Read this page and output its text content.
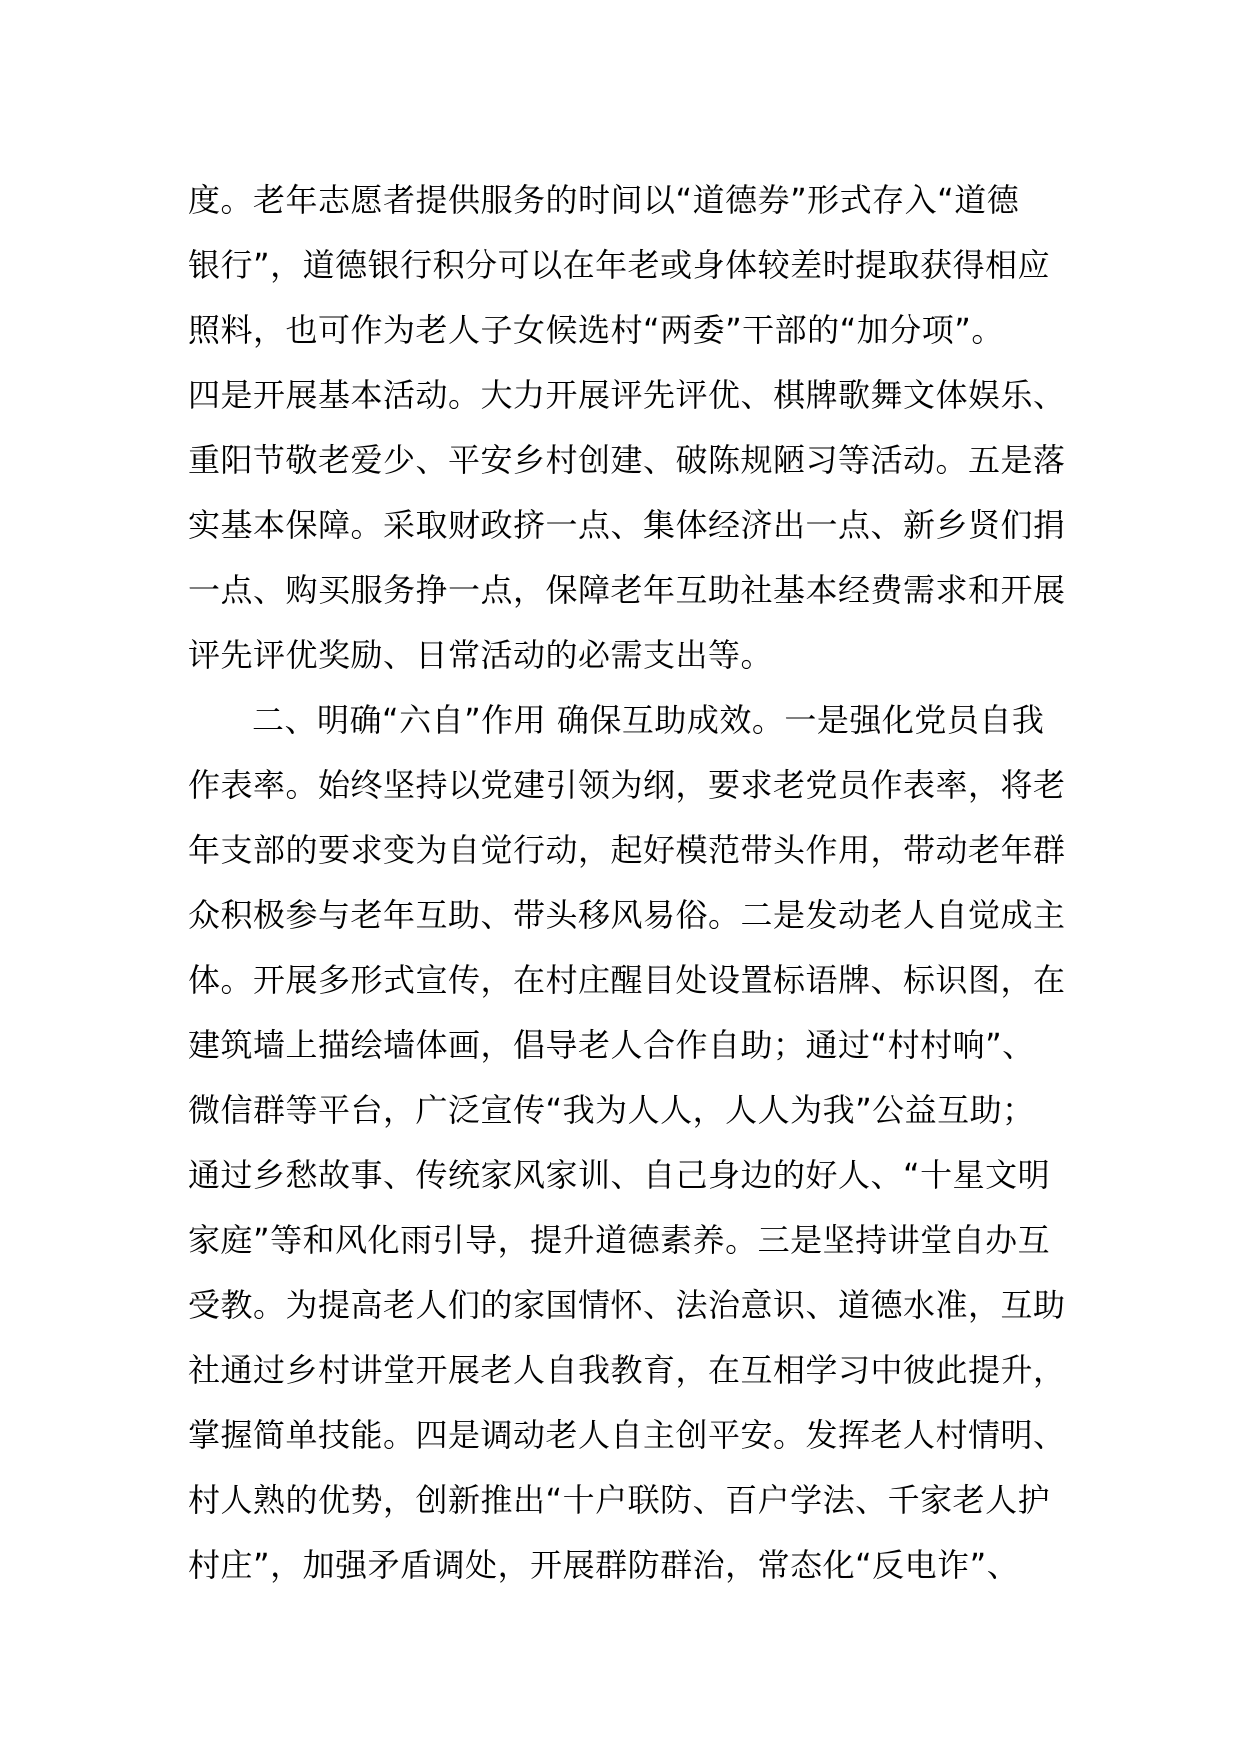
度。老年志愿者提供服务的时间以“道德券”形式存入“道德
银行”，道德银行积分可以在年老或身体较差时提取获得相应
照料，也可作为老人子女候选村“两委”干部的“加分项”。
四是开展基本活动。大力开展评先评优、棋牌歌舞文体娱乐、
重阳节敬老爱少、平安乡村创建、破陈规陋习等活动。五是落
实基本保障。采取财政挤一点、集体经济出一点、新乡贤们捐
一点、购买服务挣一点，保障老年互助社基本经费需求和开展
评先评优奖励、日常活动的必需支出等。
二、明确“六自”作用 确保互助成效。一是强化党员自我
作表率。始终坚持以党建引领为纲，要求老党员作表率，将老
年支部的要求变为自觉行动，起好模范带头作用，带动老年群
众积极参与老年互助、带头移风易俗。二是发动老人自觉成主
体。开展多形式宣传，在村庄醒目处设置标语牌、标识图，在
建筑墙上描绘墙体画，倡导老人合作自助；通过“村村响”、
微信群等平台，广泛宣传“我为人人，人人为我”公益互助；
通过乡愁故事、传统家风家训、自己身边的好人、“十星文明
家庭”等和风化雨引导，提升道德素养。三是坚持讲堂自办互
受教。为提高老人们的家国情怀、法治意识、道德水准，互助
社通过乡村讲堂开展老人自我教育，在互相学习中彼此提升，
掌握简单技能。四是调动老人自主创平安。发挥老人村情明、
村人熟的优势，创新推出“十户联防、百户学法、千家老人护
村庄”，加强矛盾调处，开展群防群治，常态化“反电诈”、
